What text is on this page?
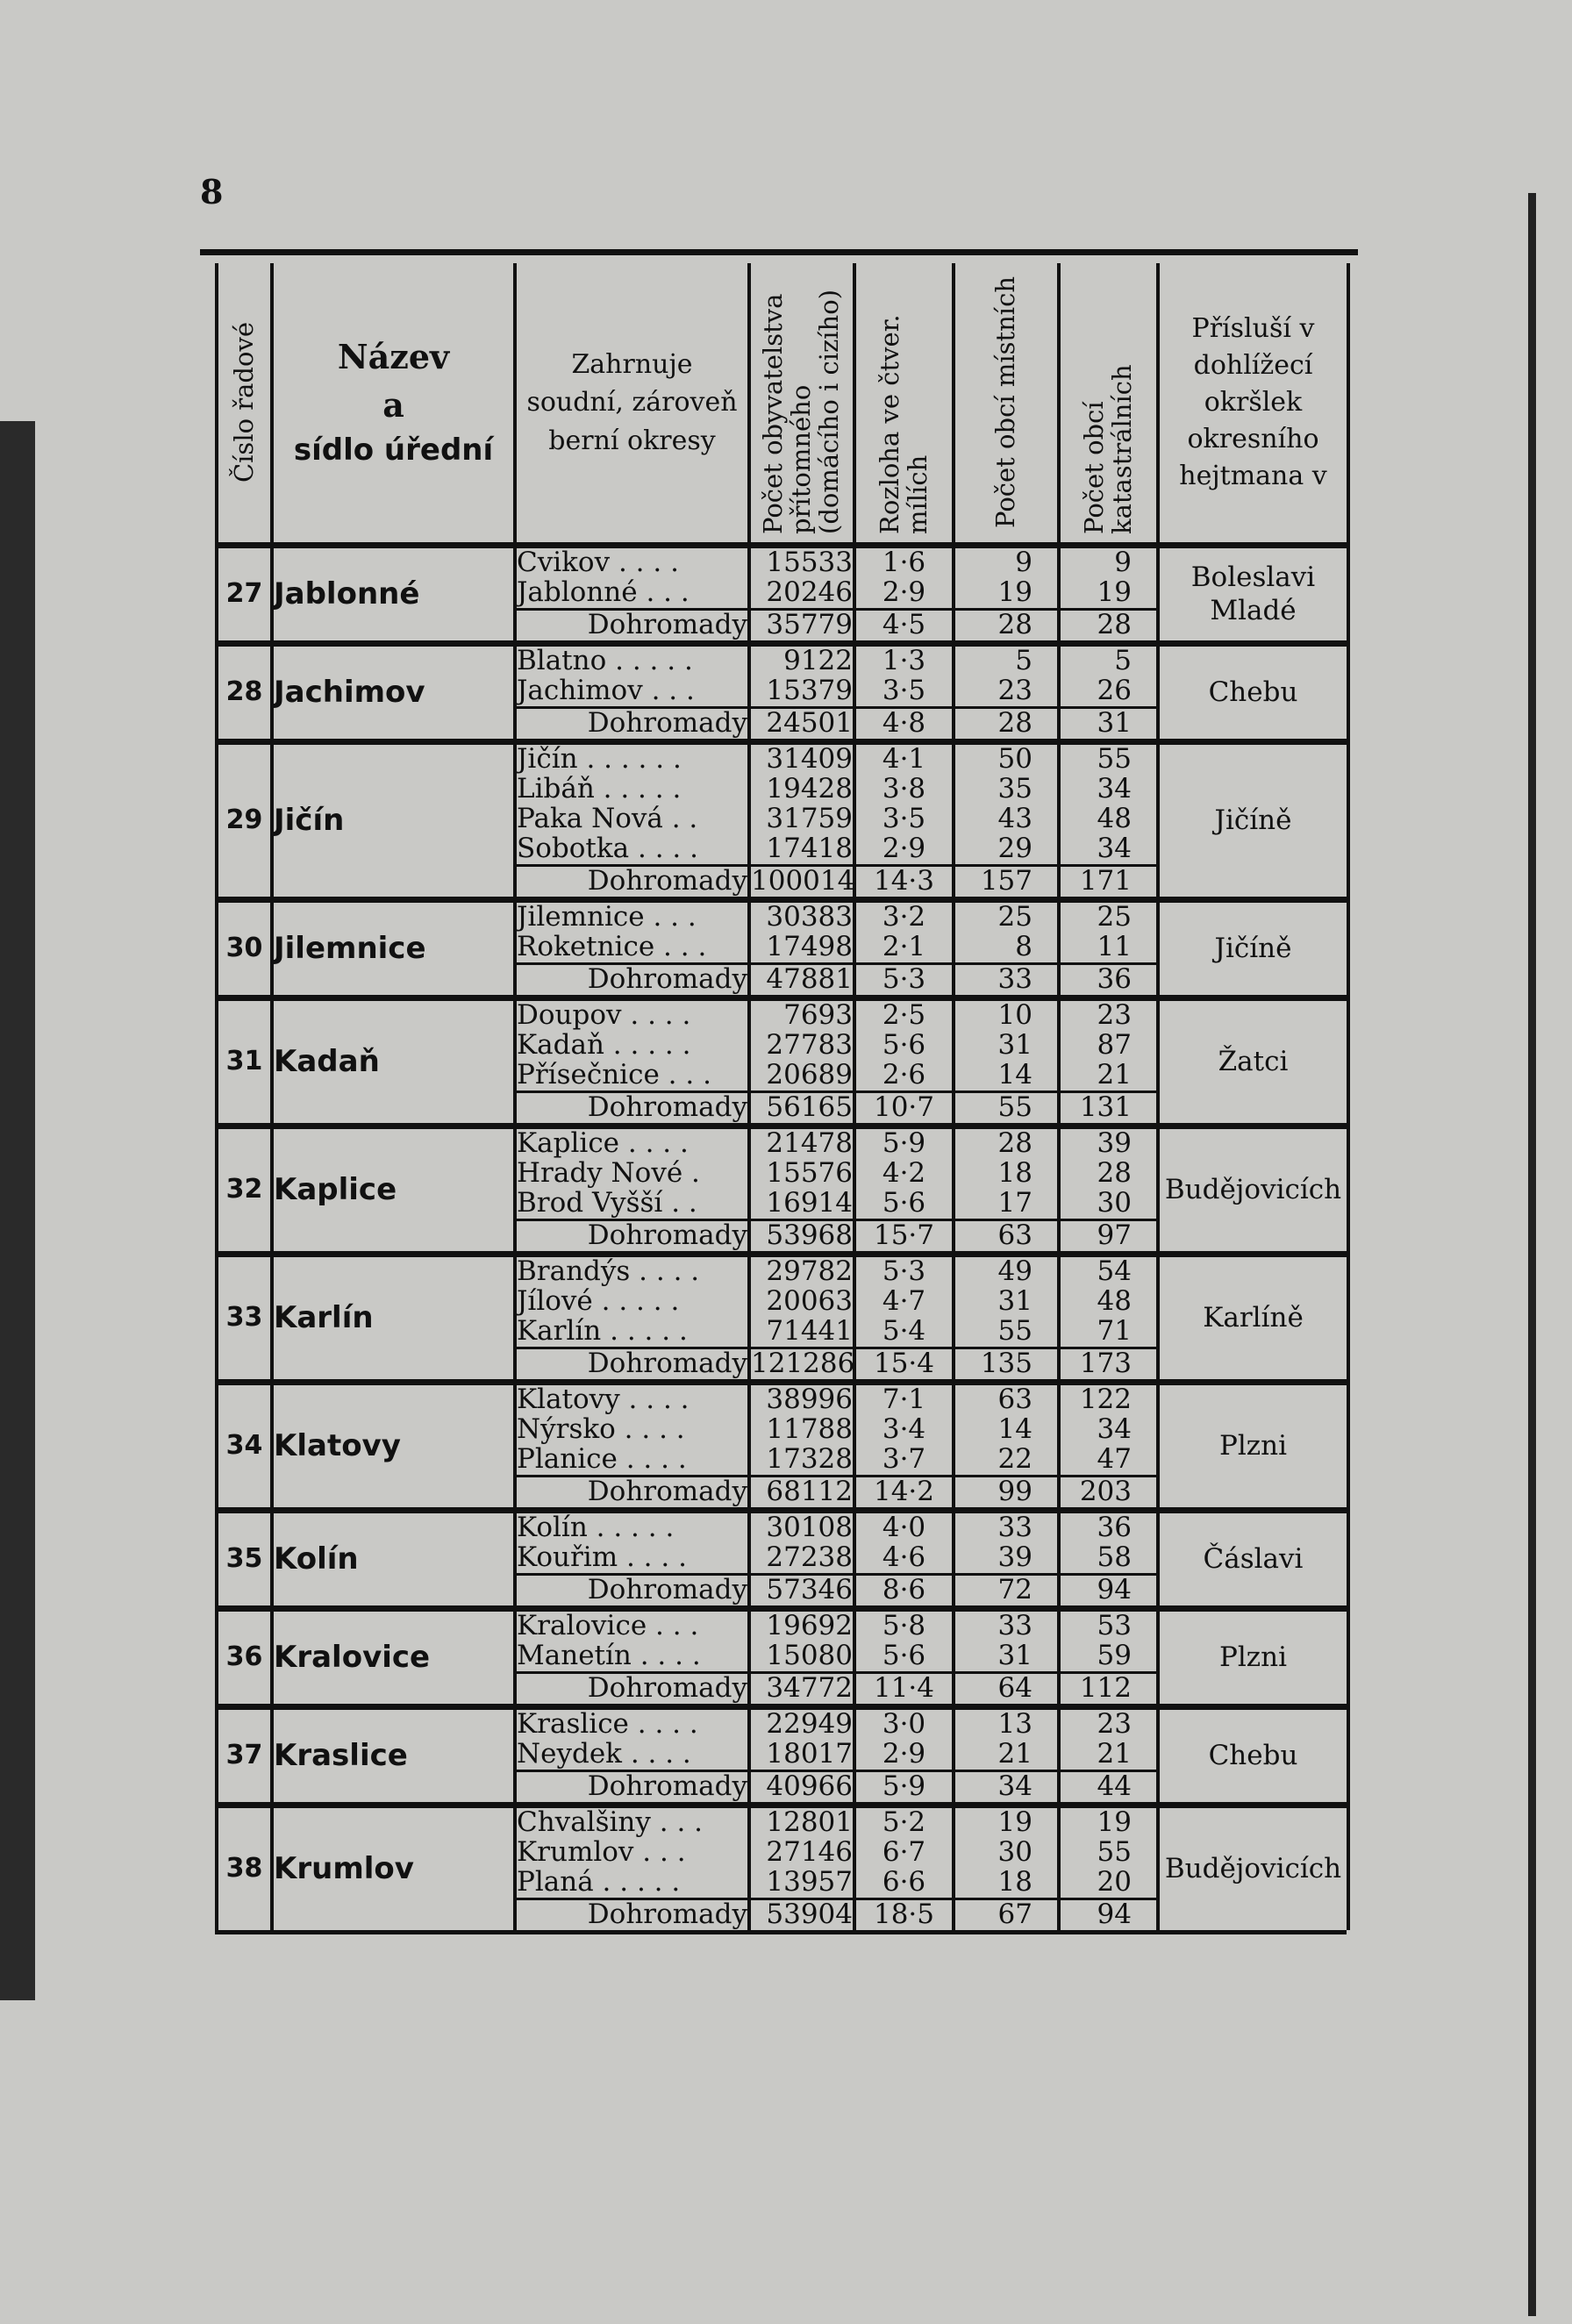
8
Číslo řadové	Název
a
sídlo úřední	Zahrnuje soudní, zároveň berní okresy	Počet obyvatelstva přítomného (domácího i cizího)	Rozloha ve čtver. mílích	Počet obcí místních	Počet obcí katastrálních	Přísluší v dohlížecí okršlek okresního hejtmana v

27	Jablonné	Cvikov . . . .	15533	1·6	9	9	Boleslavi Mladé
		Jablonné . . .	20246	2·9	19	19	
		Dohromady	35779	4·5	28	28	
28	Jachimov	Blatno . . . . .	9122	1·3	5	5	Chebu
		Jachimov . . .	15379	3·5	23	26	
		Dohromady	24501	4·8	28	31	
29	Jičín	Jičín . . . . . .	31409	4·1	50	55	Jičíně
		Libáň . . . . .	19428	3·8	35	34	
		Paka Nová . .	31759	3·5	43	48	
		Sobotka . . . .	17418	2·9	29	34	
		Dohromady	100014	14·3	157	171	
30	Jilemnice	Jilemnice . . .	30383	3·2	25	25	Jičíně
		Roketnice . . .	17498	2·1	8	11	
		Dohromady	47881	5·3	33	36	
31	Kadaň	Doupov . . . .	7693	2·5	10	23	Žatci
		Kadaň . . . . .	27783	5·6	31	87	
		Přísečnice . . .	20689	2·6	14	21	
		Dohromady	56165	10·7	55	131	
32	Kaplice	Kaplice . . . .	21478	5·9	28	39	Budějovicích
		Hrady Nové .	15576	4·2	18	28	
		Brod Vyšší . .	16914	5·6	17	30	
		Dohromady	53968	15·7	63	97	
33	Karlín	Brandýs . . . .	29782	5·3	49	54	Karlíně
		Jílové . . . . .	20063	4·7	31	48	
		Karlín . . . . .	71441	5·4	55	71	
		Dohromady	121286	15·4	135	173	
34	Klatovy	Klatovy . . . .	38996	7·1	63	122	Plzni
		Nýrsko . . . .	11788	3·4	14	34	
		Planice . . . .	17328	3·7	22	47	
		Dohromady	68112	14·2	99	203	
35	Kolín	Kolín . . . . .	30108	4·0	33	36	Čáslavi
		Kouřim . . . .	27238	4·6	39	58	
		Dohromady	57346	8·6	72	94	
36	Kralovice	Kralovice . . .	19692	5·8	33	53	Plzni
		Manetín . . . .	15080	5·6	31	59	
		Dohromady	34772	11·4	64	112	
37	Kraslice	Kraslice . . . .	22949	3·0	13	23	Chebu
		Neydek . . . .	18017	2·9	21	21	
		Dohromady	40966	5·9	34	44	
38	Krumlov	Chvalšiny . . .	12801	5·2	19	19	Budějovicích
		Krumlov . . .	27146	6·7	30	55	
		Planá . . . . .	13957	6·6	18	20	
		Dohromady	53904	18·5	67	94	
